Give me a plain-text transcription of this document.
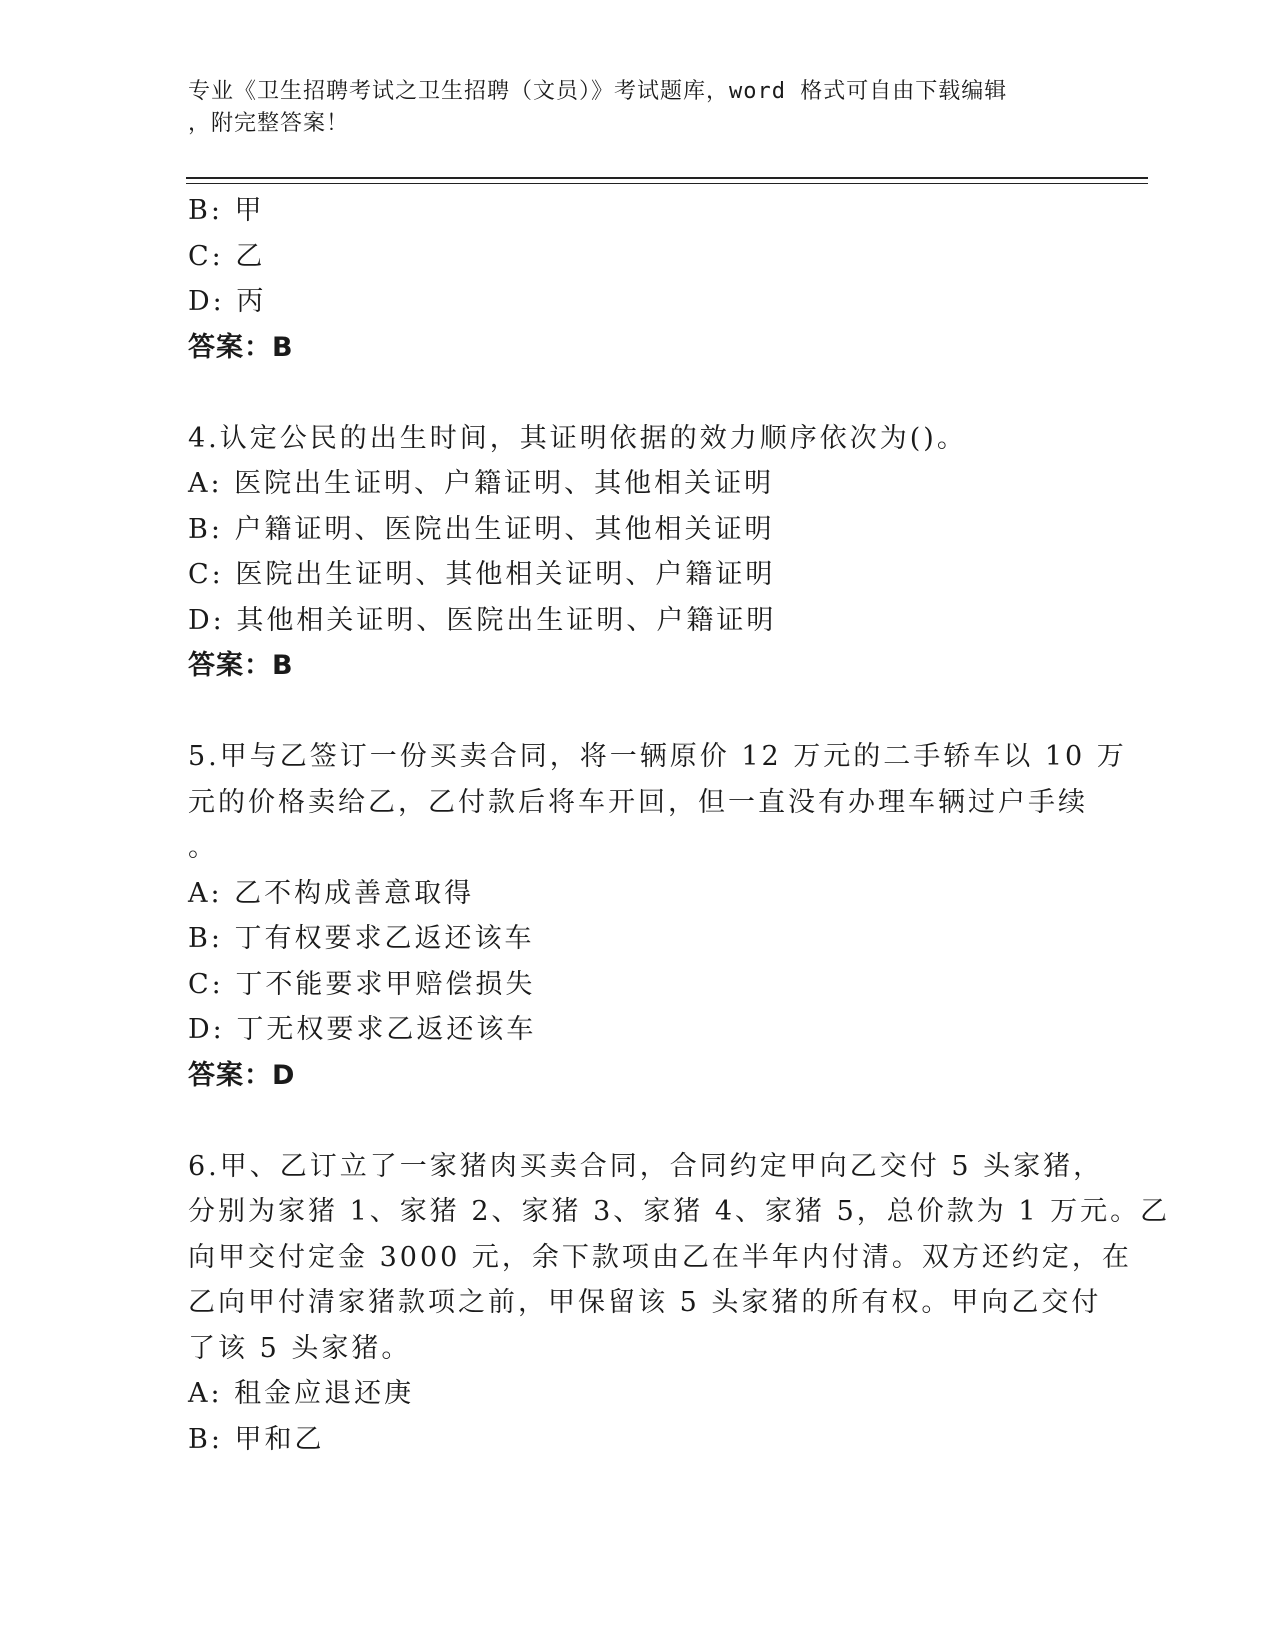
专业《卫生招聘考试之卫生招聘（文员）》考试题库，word 格式可自由下载编辑
，附完整答案！
B: 甲
C: 乙
D: 丙
答案：B
4.认定公民的出生时间，其证明依据的效力顺序依次为()。
A: 医院出生证明、户籍证明、其他相关证明
B: 户籍证明、医院出生证明、其他相关证明
C: 医院出生证明、其他相关证明、户籍证明
D: 其他相关证明、医院出生证明、户籍证明
答案：B
5.甲与乙签订一份买卖合同，将一辆原价 12 万元的二手轿车以 10 万
元的价格卖给乙，乙付款后将车开回，但一直没有办理车辆过户手续
。
A: 乙不构成善意取得
B: 丁有权要求乙返还该车
C: 丁不能要求甲赔偿损失
D: 丁无权要求乙返还该车
答案：D
6.甲、乙订立了一家猪肉买卖合同，合同约定甲向乙交付 5 头家猪，
分别为家猪 1、家猪 2、家猪 3、家猪 4、家猪 5，总价款为 1 万元。乙
向甲交付定金 3000 元，余下款项由乙在半年内付清。双方还约定，在
乙向甲付清家猪款项之前，甲保留该 5 头家猪的所有权。甲向乙交付
了该 5 头家猪。
A: 租金应退还庚
B: 甲和乙
